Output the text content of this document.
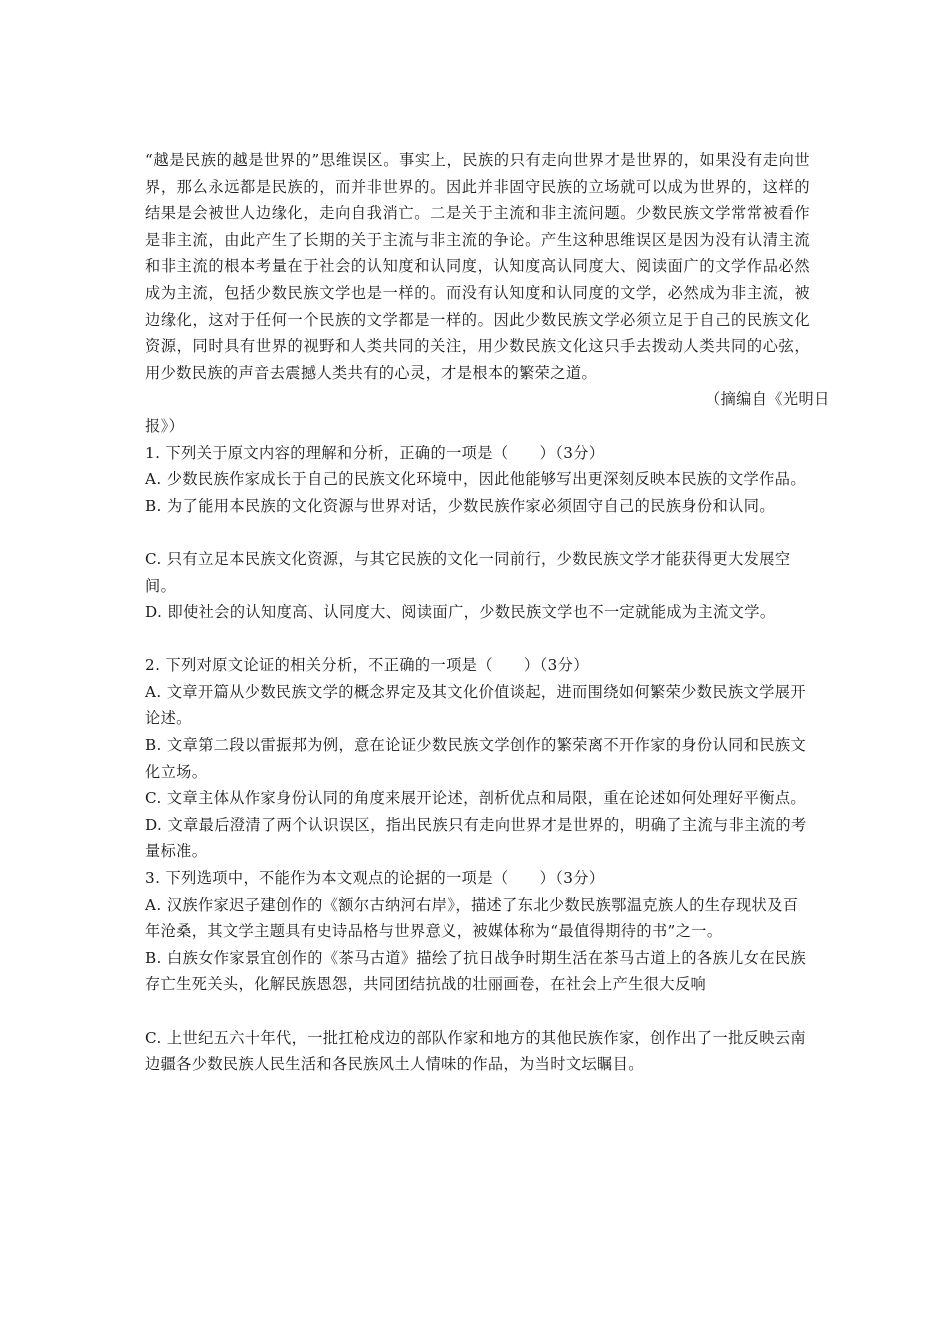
“越是民族的越是世界的”思维误区。事实上，民族的只有走向世界才是世界的，如果没有走向世界，那么永远都是民族的，而并非世界的。因此并非固守民族的立场就可以成为世界的，这样的结果是会被世人边缘化，走向自我消亡。二是关于主流和非主流问题。少数民族文学常常被看作是非主流，由此产生了长期的关于主流与非主流的争论。产生这种思维误区是因为没有认清主流和非主流的根本考量在于社会的认知度和认同度，认知度高认同度大、阅读面广的文学作品必然成为主流，包括少数民族文学也是一样的。而没有认知度和认同度的文学，必然成为非主流，被边缘化，这对于任何一个民族的文学都是一样的。因此少数民族文学必须立足于自己的民族文化资源，同时具有世界的视野和人类共同的关注，用少数民族文化这只手去拨动人类共同的心弦，用少数民族的声音去震撼人类共有的心灵，才是根本的繁荣之道。

（摘编自《光明日

报》）

1. 下列关于原文内容的理解和分析，正确的一项是（　　）（3分）

A. 少数民族作家成长于自己的民族文化环境中，因此他能够写出更深刻反映本民族的文学作品。

B. 为了能用本民族的文化资源与世界对话，少数民族作家必须固守自己的民族身份和认同。

C. 只有立足本民族文化资源，与其它民族的文化一同前行，少数民族文学才能获得更大发展空间。

D. 即使社会的认知度高、认同度大、阅读面广，少数民族文学也不一定就能成为主流文学。

2. 下列对原文论证的相关分析，不正确的一项是（　　）（3分）

A. 文章开篇从少数民族文学的概念界定及其文化价值谈起，进而围绕如何繁荣少数民族文学展开论述。

B. 文章第二段以雷振邦为例，意在论证少数民族文学创作的繁荣离不开作家的身份认同和民族文化立场。

C. 文章主体从作家身份认同的角度来展开论述，剖析优点和局限，重在论述如何处理好平衡点。

D. 文章最后澄清了两个认识误区，指出民族只有走向世界才是世界的，明确了主流与非主流的考量标准。

3. 下列选项中，不能作为本文观点的论据的一项是（　　）（3分）

A. 汉族作家迟子建创作的《额尔古纳河右岸》，描述了东北少数民族鄂温克族人的生存现状及百年沧桑，其文学主题具有史诗品格与世界意义，被媒体称为“最值得期待的书”之一。

B. 白族女作家景宜创作的《茶马古道》描绘了抗日战争时期生活在茶马古道上的各族儿女在民族存亡生死关头，化解民族恩怨，共同团结抗战的壮丽画卷，在社会上产生很大反响

C. 上世纪五六十年代，一批扛枪戍边的部队作家和地方的其他民族作家，创作出了一批反映云南边疆各少数民族人民生活和各民族风土人情味的作品，为当时文坛瞩目。
